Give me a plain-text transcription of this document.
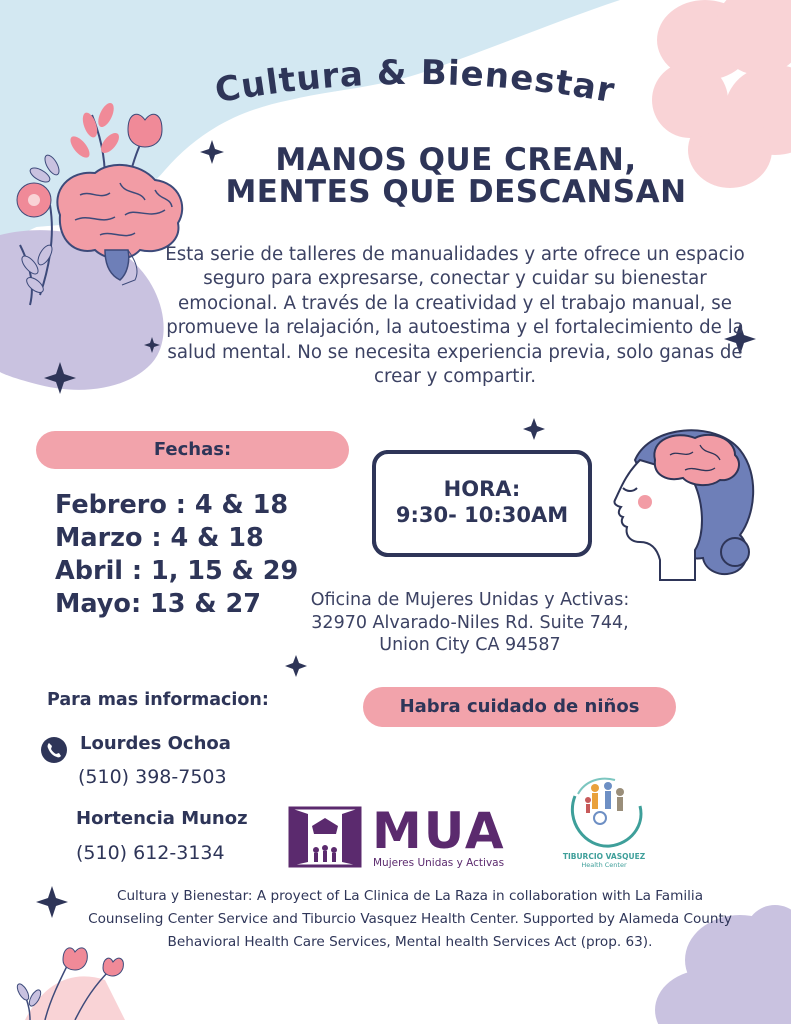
Cultura & Bienestar
MANOS QUE CREAN,
MENTES QUE DESCANSAN
Esta serie de talleres de manualidades y arte ofrece un espacio seguro para expresarse, conectar y cuidar su bienestar emocional. A través de la creatividad y el trabajo manual, se promueve la relajación, la autoestima y el fortalecimiento de la salud mental. No se necesita experiencia previa, solo ganas de crear y compartir.
Fechas:
Febrero : 4 & 18
Marzo : 4 & 18
Abril : 1, 15 & 29
Mayo: 13 & 27
HORA:
9:30- 10:30AM
Oficina de Mujeres Unidas y Activas:
32970 Alvarado-Niles Rd. Suite 744,
Union City CA 94587
Para mas informacion:	Habra cuidado de niños
Lourdes Ochoa
(510) 398-7503
Hortencia Munoz
(510) 612-3134	MUA
Mujeres Unidas y Activas
TIBURCIO VASQUEZ
Health Center
Cultura y Bienestar: A proyect of La Clinica de La Raza in collaboration with La Familia Counseling Center Service and Tiburcio Vasquez Health Center. Supported by Alameda County Behavioral Health Care Services, Mental health Services Act (prop. 63).
